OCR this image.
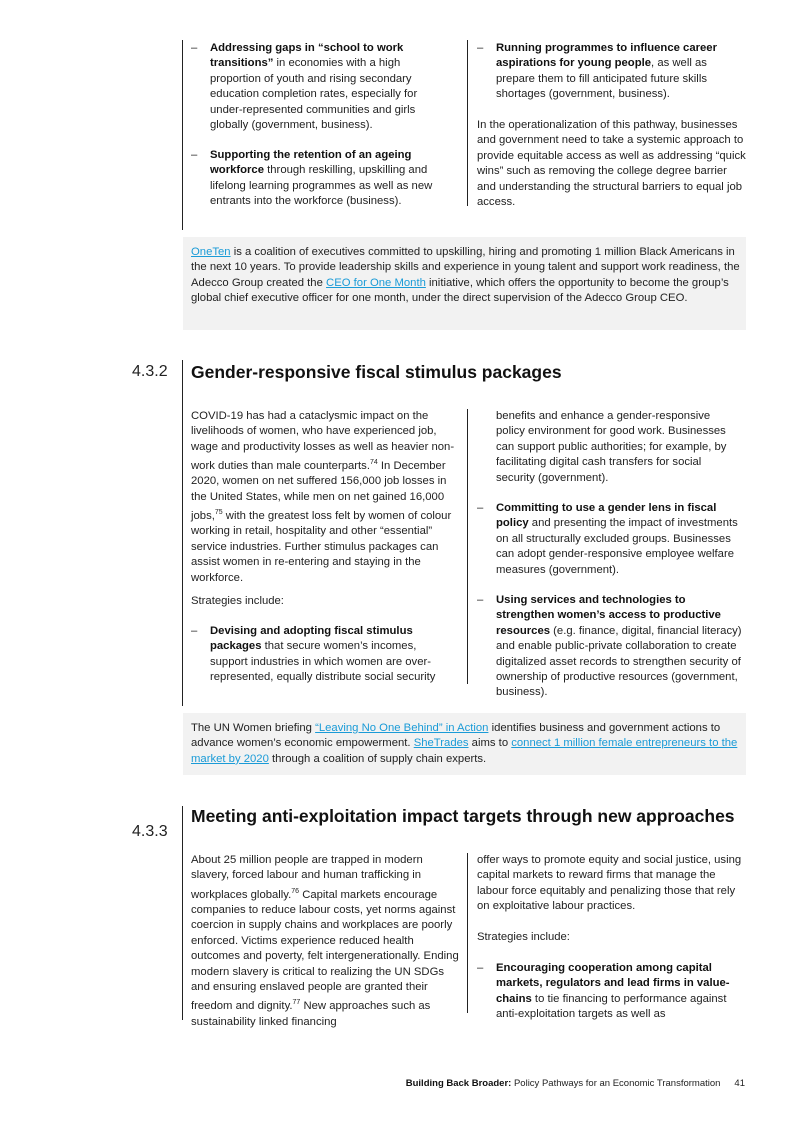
– Addressing gaps in “school to work transitions” in economies with a high proportion of youth and rising secondary education completion rates, especially for under-represented communities and girls globally (government, business).
– Supporting the retention of an ageing workforce through reskilling, upskilling and lifelong learning programmes as well as new entrants into the workforce (business).
– Running programmes to influence career aspirations for young people, as well as prepare them to fill anticipated future skills shortages (government, business).

In the operationalization of this pathway, businesses and government need to take a systemic approach to provide equitable access as well as addressing “quick wins” such as removing the college degree barrier and understanding the structural barriers to equal job access.

OneTen is a coalition of executives committed to upskilling, hiring and promoting 1 million Black Americans in the next 10 years. To provide leadership skills and experience in young talent and support work readiness, the Adecco Group created the CEO for One Month initiative, which offers the opportunity to become the group’s global chief executive officer for one month, under the direct supervision of the Adecco Group CEO.
4.3.2 Gender-responsive fiscal stimulus packages

COVID-19 has had a cataclysmic impact on the livelihoods of women, who have experienced job, wage and productivity losses as well as heavier non-work duties than male counterparts.$^{74}$ In December 2020, women on net suffered 156,000 job losses in the United States, while men on net gained 16,000 jobs,$^{75}$ with the greatest loss felt by women of colour working in retail, hospitality and other “essential” service industries. Further stimulus packages can assist women in re-entering and staying in the workforce.

Strategies include:

– Devising and adopting fiscal stimulus packages that secure women’s incomes, support industries in which women are over-represented, equally distribute social security

benefits and enhance a gender-responsive policy environment for good work. Businesses can support public authorities; for example, by facilitating digital cash transfers for social security (government).

– Committing to use a gender lens in fiscal policy and presenting the impact of investments on all structurally excluded groups. Businesses can adopt gender-responsive employee welfare measures (government).
– Using services and technologies to strengthen women’s access to productive resources (e.g. finance, digital, financial literacy) and enable public-private collaboration to create digitalized asset records to strengthen security of ownership of productive resources (government, business).
The UN Women briefing “Leaving No One Behind” in Action identifies business and government actions to advance women’s economic empowerment. SheTrades aims to connect 1 million female entrepreneurs to the market by 2020 through a coalition of supply chain experts.
4.3.3
Meeting anti-exploitation impact targets through new approaches

About 25 million people are trapped in modern slavery, forced labour and human trafficking in workplaces globally.$^{76}$ Capital markets encourage companies to reduce labour costs, yet norms against coercion in supply chains and workplaces are poorly enforced. Victims experience reduced health outcomes and poverty, felt intergenerationally. Ending modern slavery is critical to realizing the UN SDGs and ensuring enslaved people are granted their freedom and dignity.$^{77}$ New approaches such as sustainability linked financing

offer ways to promote equity and social justice, using capital markets to reward firms that manage the labour force equitably and penalizing those that rely on exploitative labour practices.

Strategies include:

– Encouraging cooperation among capital markets, regulators and lead firms in value-chains to tie financing to performance against anti-exploitation targets as well as
Building Back Broader: Policy Pathways for an Economic Transformation 41
